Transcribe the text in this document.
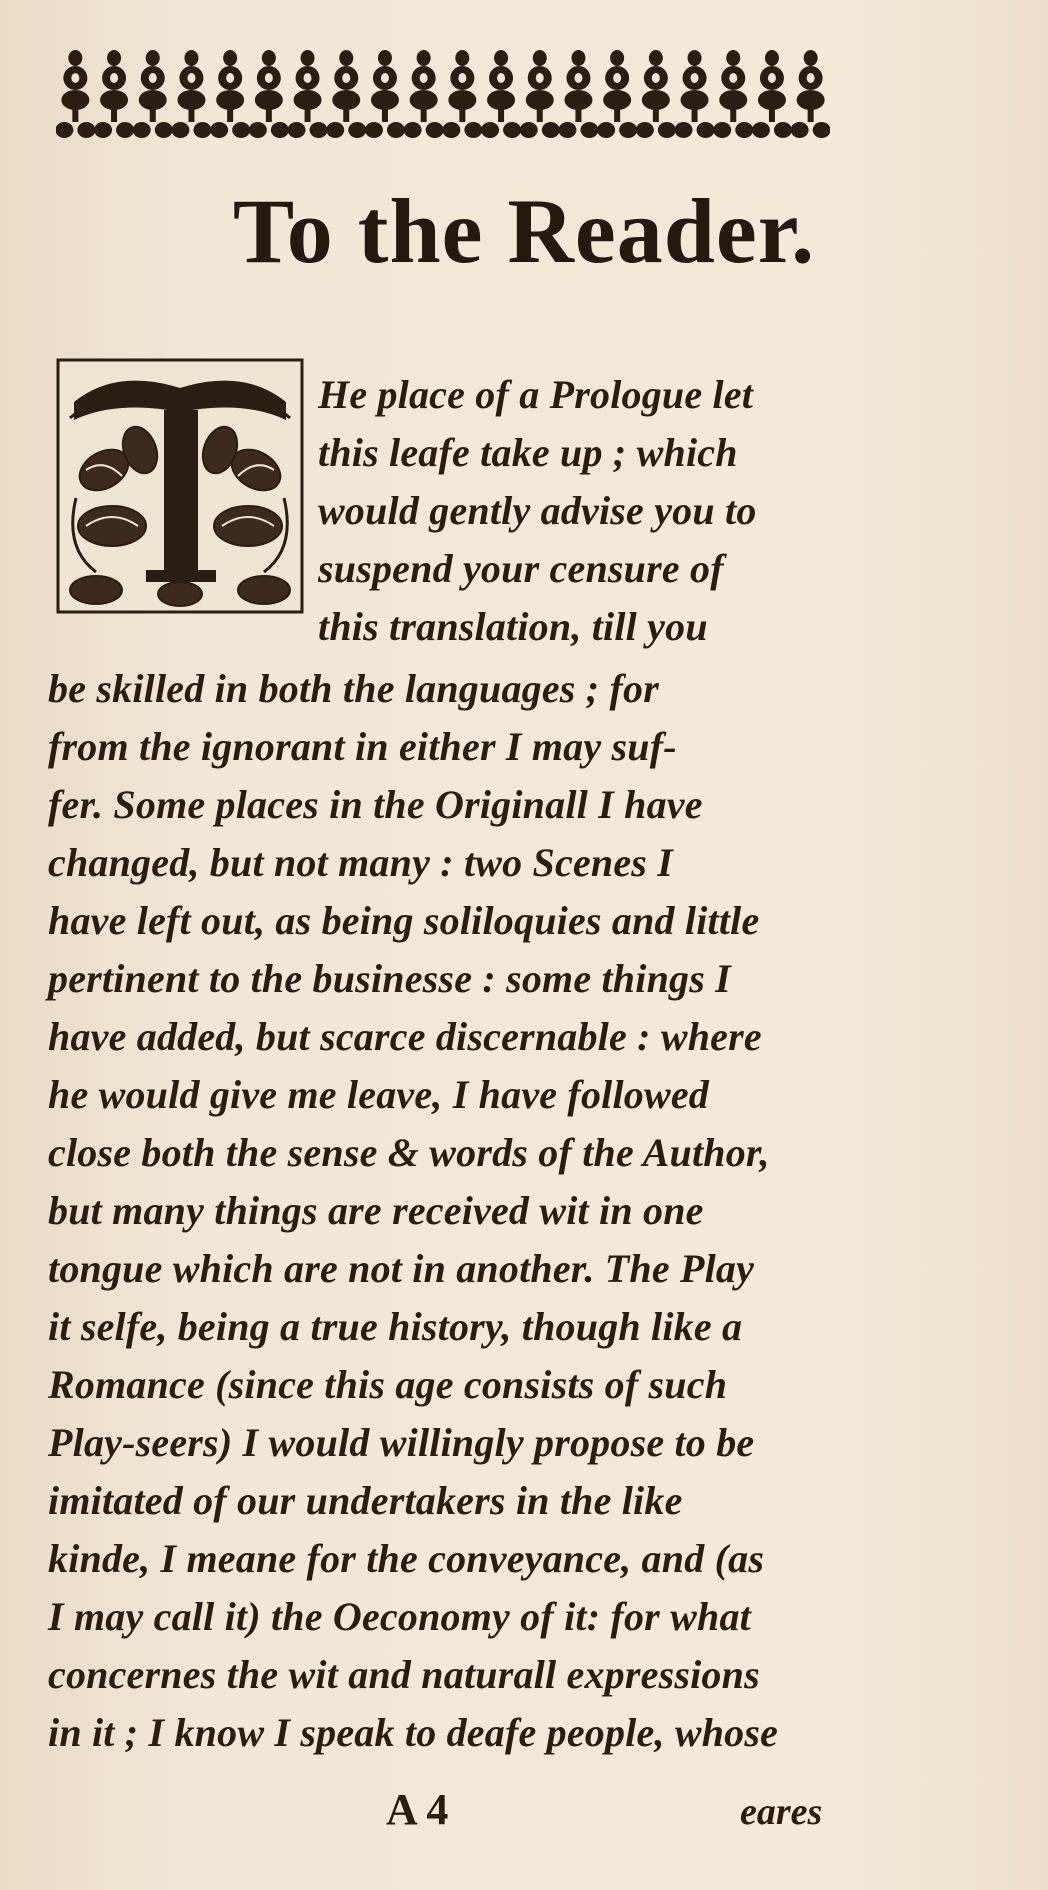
To the Reader.

He place of a Prologue let

this leafe take up ; which

would gently advise you to

suspend your censure of

this translation, till you

be skilled in both the languages ; for

from the ignorant in either I may suf-

fer. Some places in the Originall I have

changed, but not many : two Scenes I

have left out, as being soliloquies and little

pertinent to the businesse : some things I

have added, but scarce discernable : where

he would give me leave, I have followed

close both the sense & words of the Author,

but many things are received wit in one

tongue which are not in another. The Play

it selfe, being a true history, though like a

Romance (since this age consists of such

Play-seers) I would willingly propose to be

imitated of our undertakers in the like

kinde, I meane for the conveyance, and (as

I may call it) the Oeconomy of it: for what

concernes the wit and naturall expressions

in it ; I know I speak to deafe people, whose

A 4	eares
